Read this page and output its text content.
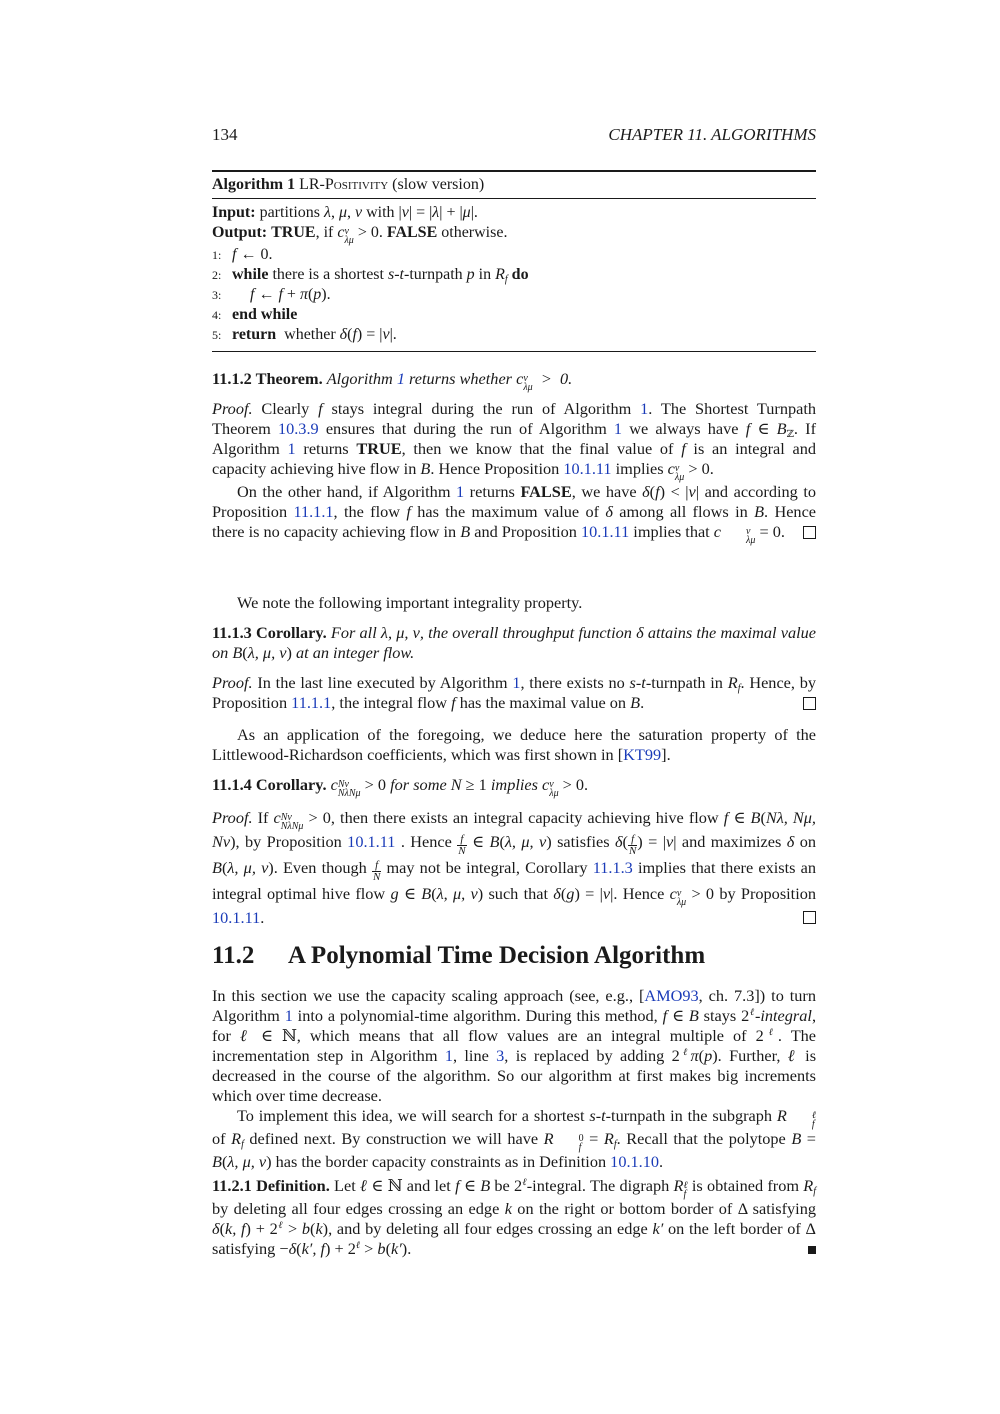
134	CHAPTER 11. ALGORITHMS
Algorithm 1 LR-Positivity (slow version)
Input: partitions λ, μ, ν with |ν| = |λ| + |μ|.
Output: TRUE, if c ν
λμ > 0. FALSE otherwise.
1: f ← 0.
2: while there is a shortest s-t-turnpath p in $R_f$ do
3: f ← f + π(p).
4: end while
5: return  whether δ(f) = |ν|.

11.1.2 Theorem. Algorithm 1 returns whether c ν
λμ >  0.

Proof. Clearly f stays integral during the run of Algorithm 1. The Shortest Turnpath Theorem 10.3.9 ensures that during the run of Algorithm 1 we always have f ∈ $B_ℤ$. If Algorithm 1 returns TRUE, then we know that the final value of f is an integral and capacity achieving hive flow in B. Hence Proposition 10.1.11 implies c ν
λμ > 0.

On the other hand, if Algorithm 1 returns FALSE, we have δ(f) < |ν| and according to Proposition 11.1.1, the flow f has the maximum value of δ among all flows in B. Hence there is no capacity achieving flow in B and Proposition 10.1.11 implies that c	ν
λμ = 0.

We note the following important integrality property.

11.1.3 Corollary. For all λ, μ, ν, the overall throughput function δ attains the maximal value on B(λ, μ, ν) at an integer flow.

Proof. In the last line executed by Algorithm 1, there exists no s-t-turnpath in $R_f$. Hence, by Proposition 11.1.1, the integral flow f has the maximal value on B.

As an application of the foregoing, we deduce here the saturation property of the Littlewood-Richardson coefficients, which was first shown in [KT99].

11.1.4 Corollary. c Nν
NλNμ > 0 for some N ≥ 1 implies c ν
λμ > 0.

Proof. If c Nν
NλNμ > 0, then there exists an integral capacity achieving hive flow f ∈ B(Nλ, Nμ, Nν), by Proposition 10.1.11 . Hence $\frac{f}{N}$ ∈ B(λ, μ, ν) satisfies $\delta( \frac{f}{N}$ ) = |ν| and maximizes δ on B(λ, μ, ν). Even though $\frac{f}{N}$ may not be integral, Corollary 11.1.3 implies that there exists an integral optimal hive flow g ∈ B(λ, μ, ν) such that δ(g) = |ν|. Hence c ν
λμ > 0 by Proposition 10.1.11.

11.2 A Polynomial Time Decision Algorithm

In this section we use the capacity scaling approach (see, e.g., [AMO93, ch. 7.3]) to turn Algorithm 1 into a polynomial-time algorithm. During this method, f ∈ B stays $2^\ell$-integral, for ℓ ∈ ℕ, which means that all flow values are an integral multiple of $2^\ell$. The incrementation step in Algorithm 1, line 3, is replaced by adding $2^\ell\pi(p)$. Further, ℓ is decreased in the course of the algorithm. So our algorithm at first makes big increments which over time decrease.

To implement this idea, we will search for a shortest s-t-turnpath in the subgraph R	ℓ
f
of $R_f$ defined next. By construction we will have R	0
$f = R_f$. Recall that the polytope B = B(λ, μ, ν) has the border capacity constraints as in Definition 10.1.10.

11.2.1 Definition. Let ℓ ∈ ℕ and let f ∈ B be $2^\ell$-integral. The digraph R ℓ
f is obtained from $R_f$ by deleting all four edges crossing an edge k on the right or bottom border of Δ satisfying δ(k, $f) + 2^\ell > b(k)$, and by deleting all four edges crossing an edge k′ on the left border of Δ satisfying −δ(k′, $f) + 2^\ell > b(k')$.
